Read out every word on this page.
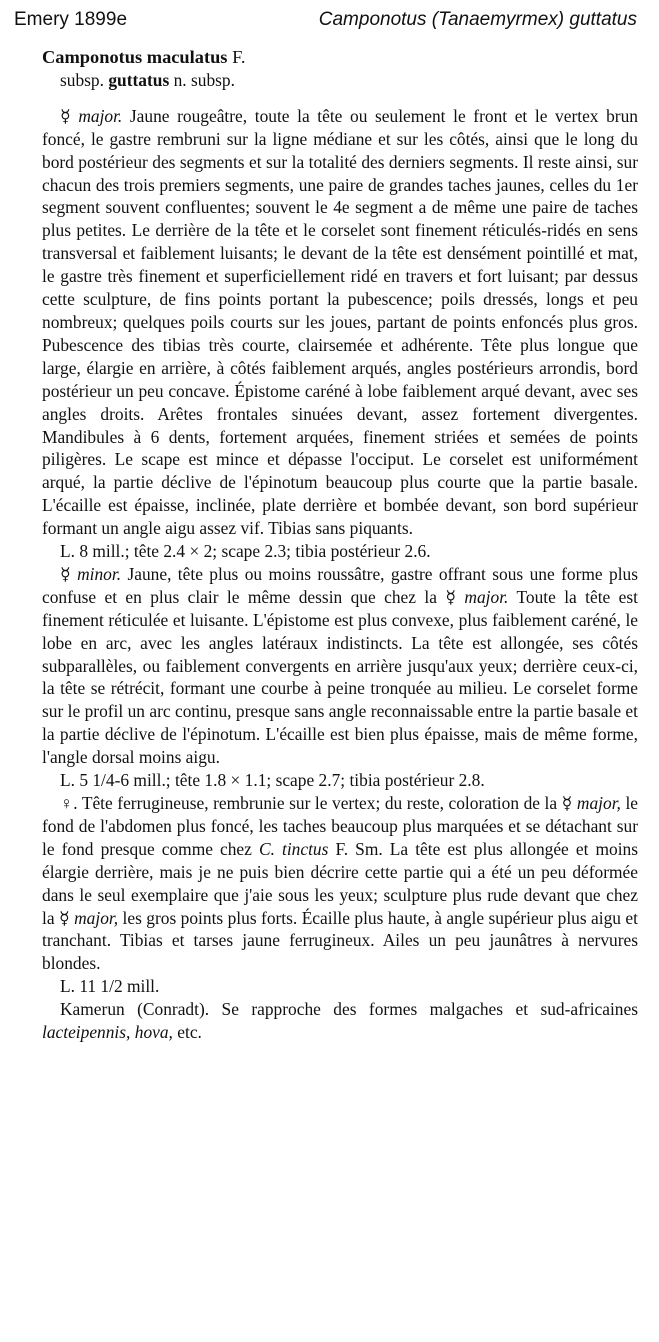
Emery 1899e	Camponotus (Tanaemyrmex) guttatus

Camponotus maculatus F.

subsp. guttatus n. subsp.

☿ major. Jaune rougeâtre, toute la tête ou seulement le front et le vertex brun foncé, le gastre rembruni sur la ligne médiane et sur les côtés, ainsi que le long du bord postérieur des segments et sur la totalité des derniers segments. Il reste ainsi, sur chacun des trois premiers segments, une paire de grandes taches jaunes, celles du 1er segment souvent confluentes; souvent le 4e segment a de même une paire de taches plus petites. Le derrière de la tête et le corselet sont finement réticulés-ridés en sens transversal et faiblement luisants; le devant de la tête est densément pointillé et mat, le gastre très finement et superficiellement ridé en travers et fort luisant; par dessus cette sculpture, de fins points portant la pubescence; poils dressés, longs et peu nombreux; quelques poils courts sur les joues, partant de points enfoncés plus gros. Pubescence des tibias très courte, clairsemée et adhérente. Tête plus longue que large, élargie en arrière, à côtés faiblement arqués, angles postérieurs arrondis, bord postérieur un peu concave. Épistome caréné à lobe faiblement arqué devant, avec ses angles droits. Arêtes frontales sinuées devant, assez fortement divergentes. Mandibules à 6 dents, fortement arquées, finement striées et semées de points piligères. Le scape est mince et dépasse l'occiput. Le corselet est uniformément arqué, la partie déclive de l'épinotum beaucoup plus courte que la partie basale. L'écaille est épaisse, inclinée, plate derrière et bombée devant, son bord supérieur formant un angle aigu assez vif. Tibias sans piquants.

L. 8 mill.; tête 2.4 × 2; scape 2.3; tibia postérieur 2.6.

☿ minor. Jaune, tête plus ou moins roussâtre, gastre offrant sous une forme plus confuse et en plus clair le même dessin que chez la ☿ major. Toute la tête est finement réticulée et luisante. L'épistome est plus convexe, plus faiblement caréné, le lobe en arc, avec les angles latéraux indistincts. La tête est allongée, ses côtés subparallèles, ou faiblement convergents en arrière jusqu'aux yeux; derrière ceux-ci, la tête se rétrécit, formant une courbe à peine tronquée au milieu. Le corselet forme sur le profil un arc continu, presque sans angle reconnaissable entre la partie basale et la partie déclive de l'épinotum. L'écaille est bien plus épaisse, mais de même forme, l'angle dorsal moins aigu.

L. 5 1/4-6 mill.; tête 1.8 × 1.1; scape 2.7; tibia postérieur 2.8.

♀. Tête ferrugineuse, rembrunie sur le vertex; du reste, coloration de la ☿ major, le fond de l'abdomen plus foncé, les taches beaucoup plus marquées et se détachant sur le fond presque comme chez C. tinctus F. Sm. La tête est plus allongée et moins élargie derrière, mais je ne puis bien décrire cette partie qui a été un peu déformée dans le seul exemplaire que j'aie sous les yeux; sculpture plus rude devant que chez la ☿ major, les gros points plus forts. Écaille plus haute, à angle supérieur plus aigu et tranchant. Tibias et tarses jaune ferrugineux. Ailes un peu jaunâtres à nervures blondes.

L. 11 1/2 mill.

Kamerun (Conradt). Se rapproche des formes malgaches et sud-africaines lacteipennis, hova, etc.
